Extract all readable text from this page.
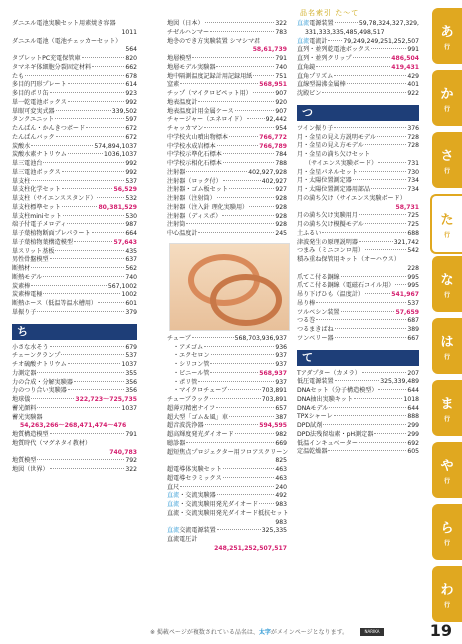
品名索引 た〜て
ダニエル電池実験セット用素焼き容器
1011
ダニエル電池（電池チェッカーセット）
564
タブレットPC充電保管庫	820
タマネギ体細胞分裂固定材料	662
たも	678
多目的円形プレート	614
多目的ポリ缶	923
単一乾電池ボックス	992
単眼可変実式器	339,502
タンクユニット	597
たんぱん・かんきつボード	672
たんぱんバック	672
炭酸水	574,894,1037
炭酸水素ナトリウム	1036,1037
単三電池台	992
単三電池ボックス	992
単支柱	537
単支柱化学セット	56,529
単支柱（サイエンススタンド）	532
単支柱標準セット	80,381,529
単支柱miniセット	530
端子付電子メロディ	987
単子葉植物断面プレパラート	664
単子葉植物葉構造模型	57,643
単スリット基板	435
男性骨盤模型	637
断熱材	562
断熱モデル	740
炭素棒	567,1002
炭素棒電極	1002
断熱ホース（低温等温水槽用）	601
単振り子	379
ち
小さな水そう	679
チェーンクランプ	537
チオ硫酸ナトリウム	1037
力測定器	355
力の合成・分解実験器	356
力のつり合い実験器	356
地球儀	322,723〜725,735
蓄光顔料	1037
蓄光実験器
54,263,266〜268,471,474〜476
地質構造模型	791
地質時代（マグネタイ教材）
740,783
地質模型	792
地図（世界）	322
地図（日本）	322
チゼルハンマー	783
地층のでき方実験装置 シマシマ君
58,61,739
地層模型	791
地層モデル実験器	740
地中隔測温度記録計用記録用紙	751
窒素	568,951
チップ（マイクロピペット用）	907
地表温度計	920
地表温度計用金属ケース	907
チャージャー（エネロイド）	92,442
チャッカマン	954
中学校火山噴出物標本	766,772
中学校水成岩標本	766,789
中学校示準化石標本	784
中学校示相化石標本	788
注射器	402,927,928
注射器（ロック付）	402,927
注射器・ゴム板セット	927
注射器（注射筒）	928
注射器（注入針 理化実験用）	928
注射器（ディスポ）	928
注射筒	928
中心温度計	245
チューブ	568,703,936,937
・アメゴム	936
・エクセロン	937
・シリコン管	937
・ビニール管	568,937
・ポリ管	937
・マイクロチューブ	703,891
チューブラック	703,891
超薄刃精密ナイフ	657
超大型「ゴム＆風」車	387
超音波洗浄器	594,595
超高輝度発光ダイオード	982
聴診器	669
超短焦点プロジェクター用フロアスクリーン
825
超電導体実験セット	463
超電導セラミックス	463
直尺	240
直流・交流実験器	492
直流・交流実験用発光ダイオード	983
直流・交流実験用発光ダイオード抵抗セット
983
直流交流電源装置	325,335
直流電圧計
248,251,252,507,517
直流電源装置	59,78,324,327,329,
331,333,335,485,498,517
直流電流計	79,249,249,251,252,507
直列・並列乾電池ボックス	991
直列・並列クリップ	486,504
直角鏡	419,431
直角プリズム	429
直線型湯沸金属棒	401
沈殿ビン	922
つ
ツイン振り子	376
月・金星の見え方説明モデル	728
月・金星の見え方モデル	728
月・金星の満ち欠けセット
（サイエンス実験ボード）	731
月・金星パネルセット	730
月・太陽位置測定器	734
月・太陽位置測定器用部品	734
月の満ち欠け（サイエンス実験ボード）
58,731
月の満ち欠け実験用月	725
月の満ち欠け模擬モデル	725
土ふるい	688
津波発生の原理説明器	321,742
つまみ（ミニコンロ用）	542
積み重ね保管用キット（オーハウス）
228
爪てこ付る銅線	995
爪てこ付る銅線（電磁石コイル用） 995
吊り下げひも（温度計）	541,967
吊り棒	537
ツルベシン装置	57,659
つる巻	687
つるまきばね	389
ツンベリー器	667
て
Tアダプター（カメラ）	207
低圧電源装置	325,339,489
DNAセット（分子構造模型）	644
DNA抽出実験キット	1018
DNAモデル	644
TPXシャーレ	888
DPD試剤	299
DPD法残留塩素・pH測定器	299
低温インキュベーター	692
定温乾燥器	605
あ
行
か
行
さ
行
た
行
な
行
は
行
ま
行
や
行
ら
行
わ
行
※ 掲載ページが複数されている品名は、太字がメインページとなります。	NARIKA	19
